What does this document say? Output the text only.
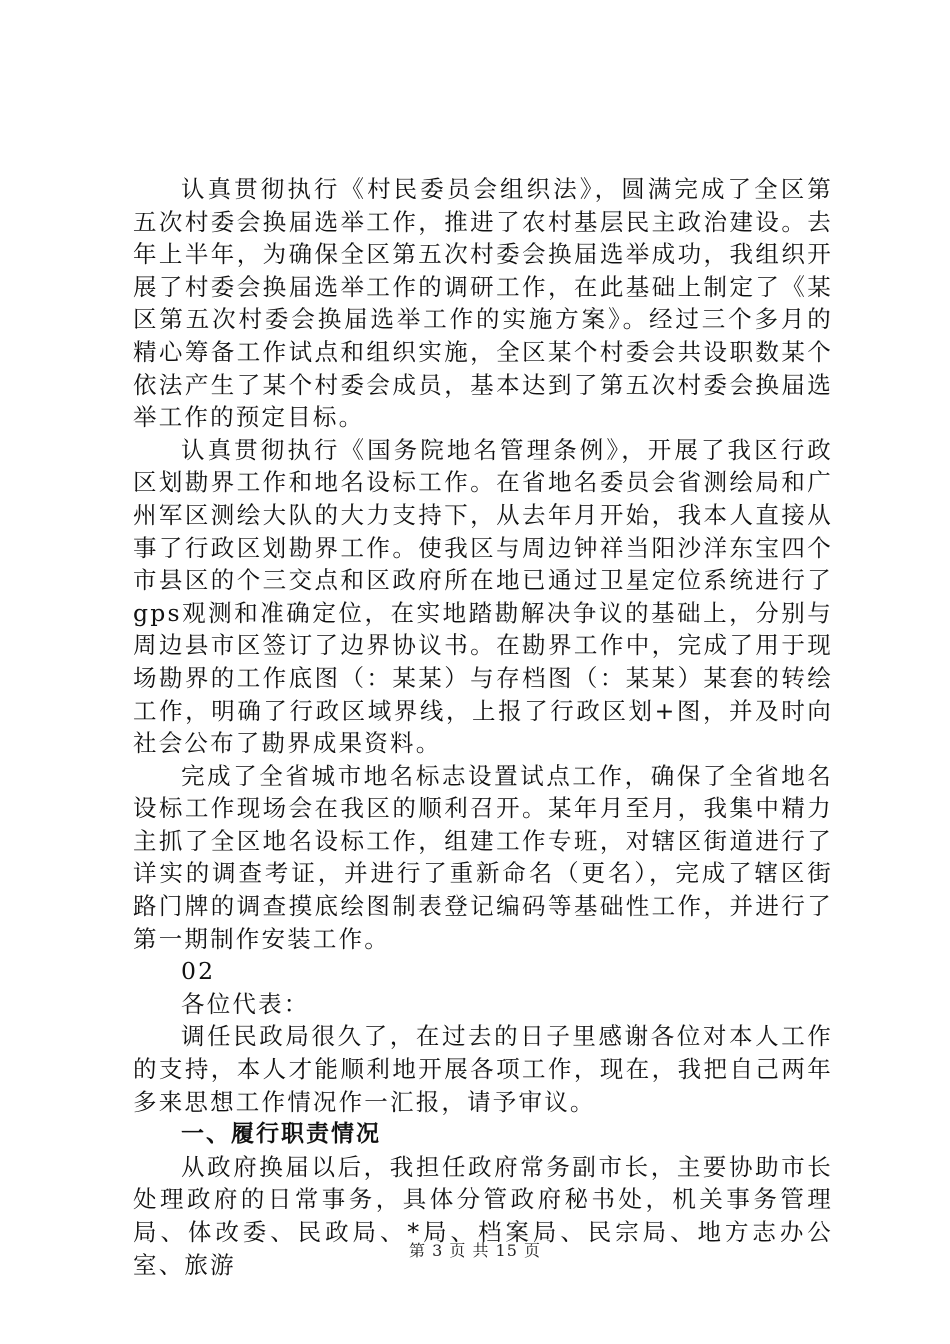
认真贯彻执行《村民委员会组织法》，圆满完成了全区第五次村委会换届选举工作，推进了农村基层民主政治建设。去年上半年，为确保全区第五次村委会换届选举成功，我组织开展了村委会换届选举工作的调研工作，在此基础上制定了《某区第五次村委会换届选举工作的实施方案》。经过三个多月的精心筹备工作试点和组织实施，全区某个村委会共设职数某个依法产生了某个村委会成员，基本达到了第五次村委会换届选举工作的预定目标。

认真贯彻执行《国务院地名管理条例》，开展了我区行政区划勘界工作和地名设标工作。在省地名委员会省测绘局和广州军区测绘大队的大力支持下，从去年月开始，我本人直接从事了行政区划勘界工作。使我区与周边钟祥当阳沙洋东宝四个市县区的个三交点和区政府所在地已通过卫星定位系统进行了gps观测和准确定位，在实地踏勘解决争议的基础上，分别与周边县市区签订了边界协议书。在勘界工作中，完成了用于现场勘界的工作底图（：某某）与存档图（：某某）某套的转绘工作，明确了行政区域界线，上报了行政区划+图，并及时向社会公布了勘界成果资料。

完成了全省城市地名标志设置试点工作，确保了全省地名设标工作现场会在我区的顺利召开。某年月至月，我集中精力主抓了全区地名设标工作，组建工作专班，对辖区街道进行了详实的调查考证，并进行了重新命名（更名），完成了辖区街路门牌的调查摸底绘图制表登记编码等基础性工作，并进行了第一期制作安装工作。

02

各位代表：

调任民政局很久了，在过去的日子里感谢各位对本人工作的支持，本人才能顺利地开展各项工作，现在，我把自己两年多来思想工作情况作一汇报，请予审议。

一、履行职责情况

从政府换届以后，我担任政府常务副市长，主要协助市长处理政府的日常事务，具体分管政府秘书处，机关事务管理局、体改委、民政局、*局、档案局、民宗局、地方志办公室、旅游

第 3 页 共 15 页
